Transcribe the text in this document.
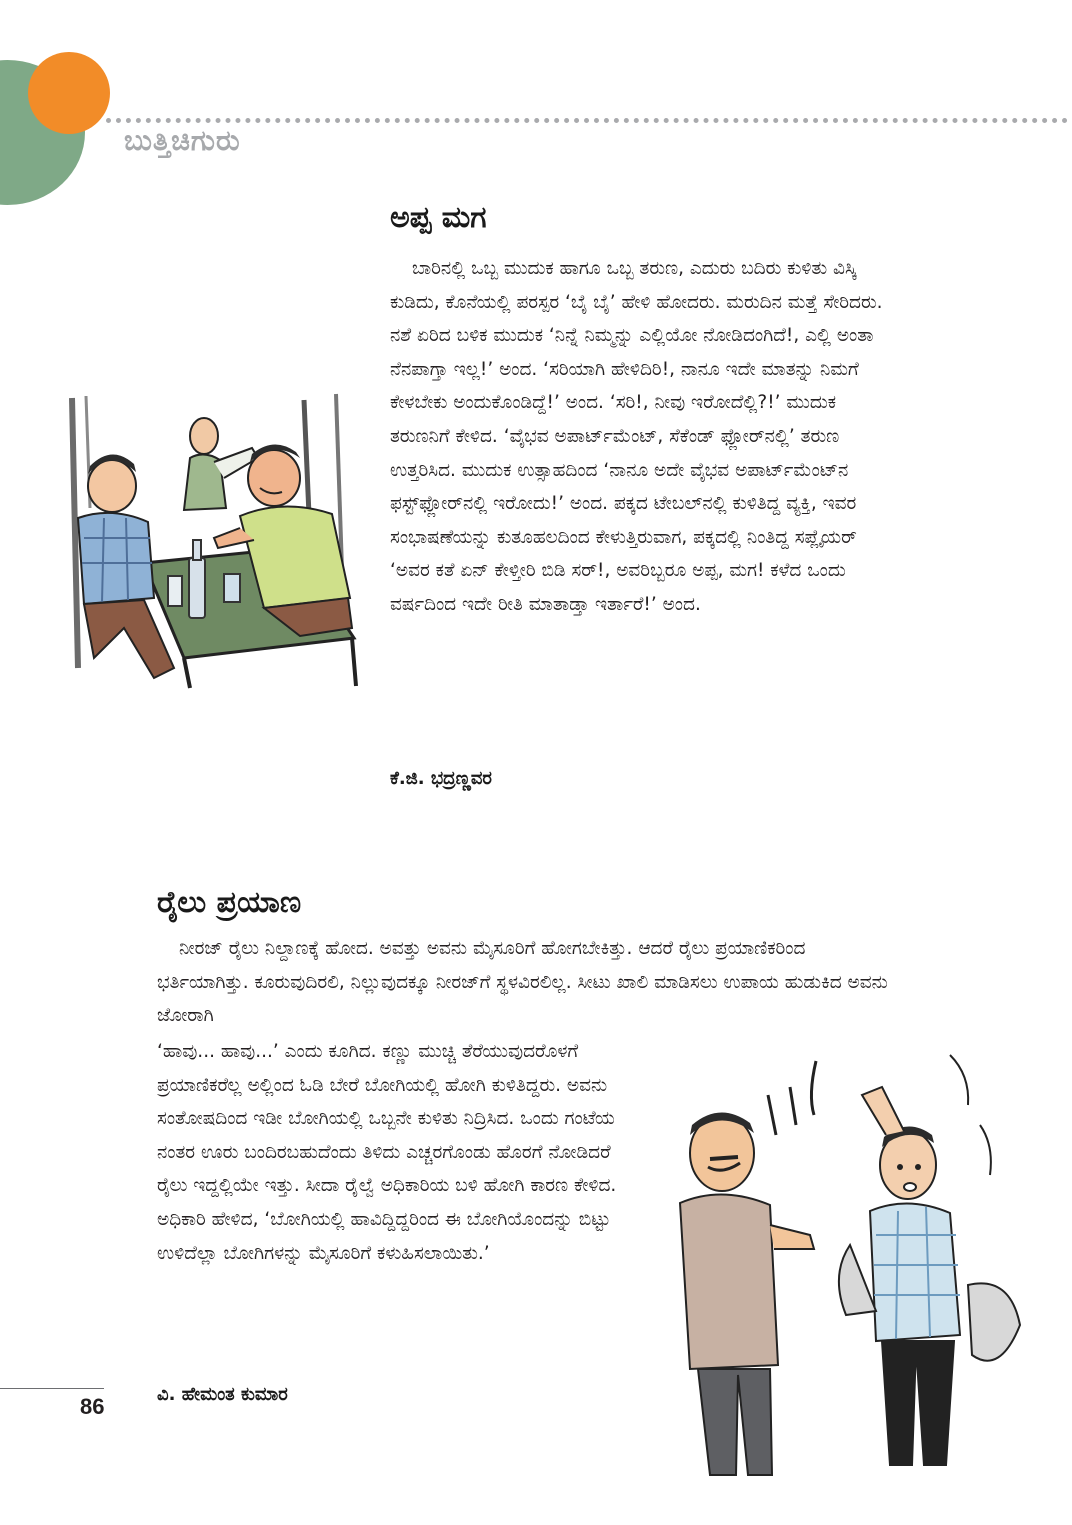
ಬುತ್ತಿಚಿಗುರು
ಅಪ್ಪ ಮಗ

ಬಾರಿನಲ್ಲಿ ಒಬ್ಬ ಮುದುಕ ಹಾಗೂ ಒಬ್ಬ ತರುಣ, ಎದುರು ಬದಿರು ಕುಳಿತು ವಿಸ್ಕಿ ಕುಡಿದು, ಕೊನೆಯಲ್ಲಿ ಪರಸ್ಪರ ‘ಬೈ ಬೈ’ ಹೇಳಿ ಹೋದರು. ಮರುದಿನ ಮತ್ತೆ ಸೇರಿದರು. ನಶೆ ಏರಿದ ಬಳಿಕ ಮುದುಕ ‘ನಿನ್ನೆ ನಿಮ್ಮನ್ನು ಎಲ್ಲಿಯೋ ನೋಡಿದಂಗಿದೆ!, ಎಲ್ಲಿ ಅಂತಾ ನೆನಪಾಗ್ತಾ ಇಲ್ಲ!’ ಅಂದ. ‘ಸರಿಯಾಗಿ ಹೇಳಿದಿರಿ!, ನಾನೂ ಇದೇ ಮಾತನ್ನು ನಿಮಗೆ ಕೇಳಬೇಕು ಅಂದುಕೊಂಡಿದ್ದೆ!’ ಅಂದ. ‘ಸರಿ!, ನೀವು ಇರೋದೆಲ್ಲಿ?!’ ಮುದುಕ ತರುಣನಿಗೆ ಕೇಳಿದ. ‘ವೈಭವ ಅಪಾರ್ಟ್‌ಮೆಂಟ್, ಸೆಕೆಂಡ್ ಫ್ಲೋರ್‌ನಲ್ಲಿ’ ತರುಣ ಉತ್ತರಿಸಿದ. ಮುದುಕ ಉತ್ಸಾಹದಿಂದ ‘ನಾನೂ ಅದೇ ವೈಭವ ಅಪಾರ್ಟ್‌ಮೆಂಟ್‌ನ ಫಸ್ಟ್‌ಫ್ಲೋರ್‌ನಲ್ಲಿ ಇರೋದು!’ ಅಂದ. ಪಕ್ಕದ ಟೇಬಲ್‌ನಲ್ಲಿ ಕುಳಿತಿದ್ದ ವ್ಯಕ್ತಿ, ಇವರ ಸಂಭಾಷಣೆಯನ್ನು ಕುತೂಹಲದಿಂದ ಕೇಳುತ್ತಿರುವಾಗ, ಪಕ್ಕದಲ್ಲಿ ನಿಂತಿದ್ದ ಸಪ್ಲೈಯರ್ ‘ಅವರ ಕತೆ ಏನ್ ಕೇಳ್ತೀರಿ ಬಿಡಿ ಸರ್!, ಅವರಿಬ್ಬರೂ ಅಪ್ಪ, ಮಗ! ಕಳೆದ ಒಂದು ವರ್ಷದಿಂದ ಇದೇ ರೀತಿ ಮಾತಾಡ್ತಾ ಇರ್ತಾರೆ!’ ಅಂದ.

ಕೆ.ಜಿ. ಭದ್ರಣ್ಣವರ
ರೈಲು ಪ್ರಯಾಣ

ನೀರಜ್ ರೈಲು ನಿಲ್ದಾಣಕ್ಕೆ ಹೋದ. ಅವತ್ತು ಅವನು ಮೈಸೂರಿಗೆ ಹೋಗಬೇಕಿತ್ತು. ಆದರೆ ರೈಲು ಪ್ರಯಾಣಿಕರಿಂದ ಭರ್ತಿಯಾಗಿತ್ತು. ಕೂರುವುದಿರಲಿ, ನಿಲ್ಲುವುದಕ್ಕೂ ನೀರಜ್‌ಗೆ ಸ್ಥಳವಿರಲಿಲ್ಲ. ಸೀಟು ಖಾಲಿ ಮಾಡಿಸಲು ಉಪಾಯ ಹುಡುಕಿದ ಅವನು ಜೋರಾಗಿ

‘ಹಾವು... ಹಾವು...’ ಎಂದು ಕೂಗಿದ. ಕಣ್ಣು ಮುಚ್ಚಿ ತೆರೆಯುವುದರೊಳಗೆ ಪ್ರಯಾಣಿಕರೆಲ್ಲ ಅಲ್ಲಿಂದ ಓಡಿ ಬೇರೆ ಬೋಗಿಯಲ್ಲಿ ಹೋಗಿ ಕುಳಿತಿದ್ದರು. ಅವನು ಸಂತೋಷದಿಂದ ಇಡೀ ಬೋಗಿಯಲ್ಲಿ ಒಬ್ಬನೇ ಕುಳಿತು ನಿದ್ರಿಸಿದ. ಒಂದು ಗಂಟೆಯ ನಂತರ ಊರು ಬಂದಿರಬಹುದೆಂದು ತಿಳಿದು ಎಚ್ಚರಗೊಂಡು ಹೊರಗೆ ನೋಡಿದರೆ ರೈಲು ಇದ್ದಲ್ಲಿಯೇ ಇತ್ತು. ಸೀದಾ ರೈಲ್ವೆ ಅಧಿಕಾರಿಯ ಬಳಿ ಹೋಗಿ ಕಾರಣ ಕೇಳಿದ. ಅಧಿಕಾರಿ ಹೇಳಿದ, ‘ಬೋಗಿಯಲ್ಲಿ ಹಾವಿದ್ದಿದ್ದರಿಂದ ಈ ಬೋಗಿಯೊಂದನ್ನು ಬಿಟ್ಟು ಉಳಿದೆಲ್ಲಾ ಬೋಗಿಗಳನ್ನು ಮೈಸೂರಿಗೆ ಕಳುಹಿಸಲಾಯಿತು.’

ವಿ. ಹೇಮಂತ ಕುಮಾರ
86
